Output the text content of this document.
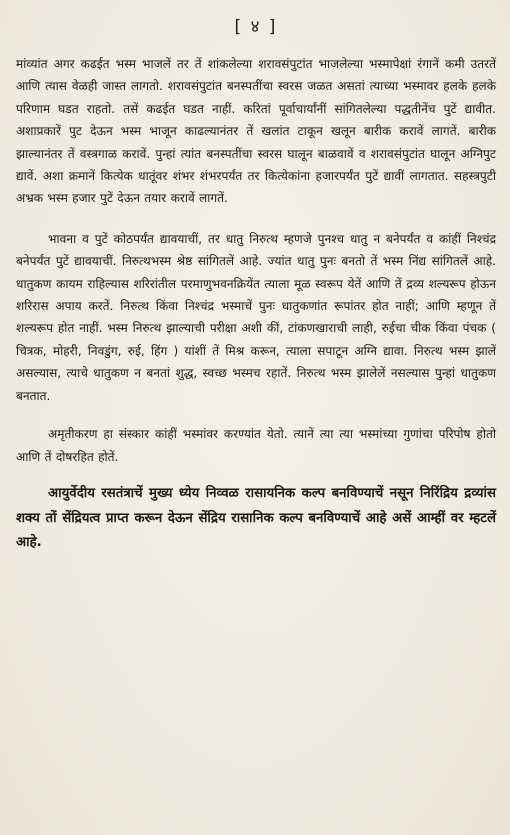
[ ४ ]

मांव्यांत अगर कढईत भस्म भाजलें तर तें शांकलेल्या शरावसंपुटांत भाजलेल्या भस्मापेक्षां रंगानें कमी उतरतें आणि त्यास वेळही जास्त लागतो. शरावसंपुटांत बनस्पतींचा स्वरस जळत असतां त्याच्या भस्मावर हलके हलके परिणाम घडत राहतो. तसें कढईत घडत नाहीं. करितां पूर्वाचार्यांनीं सांगितलेल्या पद्धतीनेंच पुटें द्यावीत. अशाप्रकारें पुट देऊन भस्म भाजून काढल्यानंतर तें खलांत टाकून खलून बारीक करावें लागतें. बारीक झाल्यानंतर तें वस्त्रगाळ करावें. पुन्हां त्यांत बनस्पतींचा स्वरस घालून बाळवावें व शरावसंपुटांत घालून अग्निपुट द्यावें. अशा क्रमानें कित्येक धातूंवर शंभर शंभरपर्यंत तर कित्येकांना हजारपर्यंत पुटें द्यावीं लागतात. सहस्त्रपुटी अभ्रक भस्म हजार पुटें देऊन तयार करावें लागतें.

भावना व पुटें कोठपर्यंत द्यावयाचीं, तर धातु निरुत्थ म्हणजे पुनश्च धातु न बनेपर्यंत व कांहीं निश्चंद्र बनेपर्यंत पुटें द्यावयाचीं. निरुत्थभस्म श्रेष्ठ सांगितलें आहे. ज्यांत धातु पुनः बनतो तें भस्म निंद्य सांगितलें आहे. धातुकण कायम राहिल्यास शरिरांतील परमाणुभवनक्रियेंत त्याला मूळ स्वरूप येतें आणि तें द्रव्य शल्यरूप होऊन शरिरास अपाय करतें. निरुत्थ किंवा निश्चंद्र भस्माचें पुनः धातुकणांत रूपांतर होत नाहीं; आणि म्हणून तें शल्यरूप होत नाहीं. भस्म निरुत्थ झाल्याची परीक्षा अशी कीं, टांकणखाराची लाही, रुईचा चीक किंवा पंचक ( चित्रक, मोहरी, निवडुंग, रुई, हिंग ) यांशीं तें मिश्र करून, त्याला सपाटून अग्नि द्यावा. निरुत्थ भस्म झालें असल्यास, त्याचे धातुकण न बनतां शुद्ध, स्वच्छ भस्मच रहातें. निरुत्थ भस्म झालेलें नसल्यास पुन्हां धातुकण बनतात.

अमृतीकरण हा संस्कार कांहीं भस्मांवर करण्यांत येतो. त्यानें त्या त्या भस्मांच्या गुणांचा परिपोष होतो आणि तें दोषरहित होतें.

आयुर्वेदीय रसतंत्राचें मुख्य ध्येय निव्वळ रासायनिक कल्प बनविण्याचें नसून निरिंद्रिय द्रव्यांस शक्य तों सेंद्रियत्व प्राप्त करून देऊन सेंद्रिय रासानिक कल्प बनविण्याचें आहे असें आम्हीं वर म्हटलें आहे.
